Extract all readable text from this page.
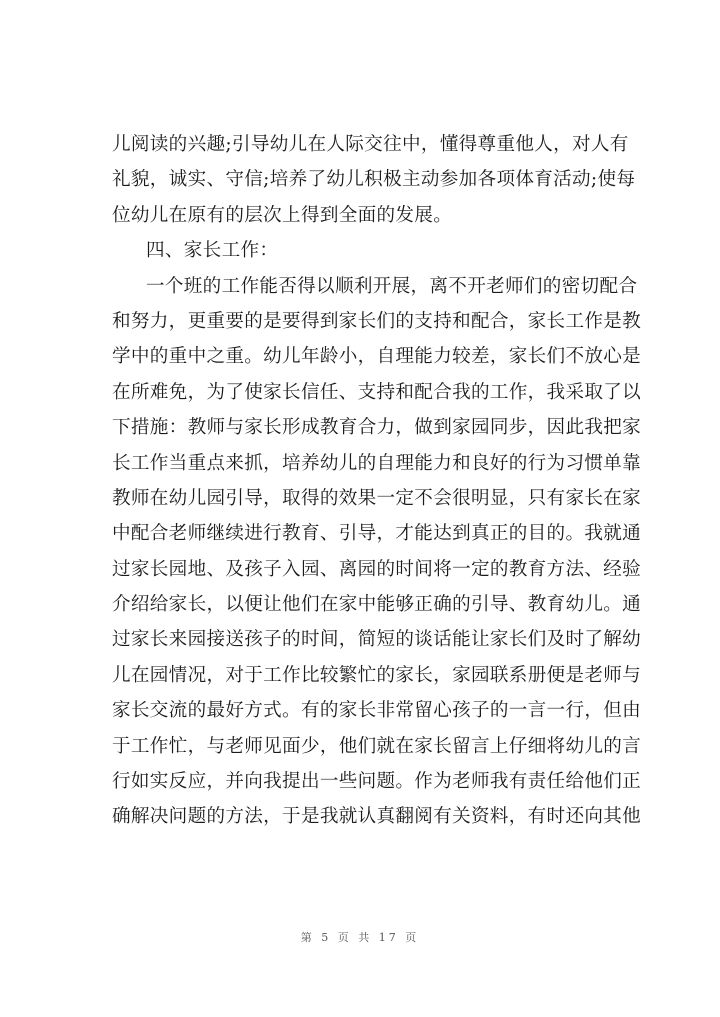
儿阅读的兴趣;引导幼儿在人际交往中，懂得尊重他人，对人有
礼貌，诚实、守信;培养了幼儿积极主动参加各项体育活动;使每
位幼儿在原有的层次上得到全面的发展。
四、家长工作：
一个班的工作能否得以顺利开展，离不开老师们的密切配合
和努力，更重要的是要得到家长们的支持和配合，家长工作是教
学中的重中之重。幼儿年龄小，自理能力较差，家长们不放心是
在所难免，为了使家长信任、支持和配合我的工作，我采取了以
下措施：教师与家长形成教育合力，做到家园同步，因此我把家
长工作当重点来抓，培养幼儿的自理能力和良好的行为习惯单靠
教师在幼儿园引导，取得的效果一定不会很明显，只有家长在家
中配合老师继续进行教育、引导，才能达到真正的目的。我就通
过家长园地、及孩子入园、离园的时间将一定的教育方法、经验
介绍给家长，以便让他们在家中能够正确的引导、教育幼儿。通
过家长来园接送孩子的时间，简短的谈话能让家长们及时了解幼
儿在园情况，对于工作比较繁忙的家长，家园联系册便是老师与
家长交流的最好方式。有的家长非常留心孩子的一言一行，但由
于工作忙，与老师见面少，他们就在家长留言上仔细将幼儿的言
行如实反应，并向我提出一些问题。作为老师我有责任给他们正
确解决问题的方法，于是我就认真翻阅有关资料，有时还向其他
第 5 页 共 17 页
